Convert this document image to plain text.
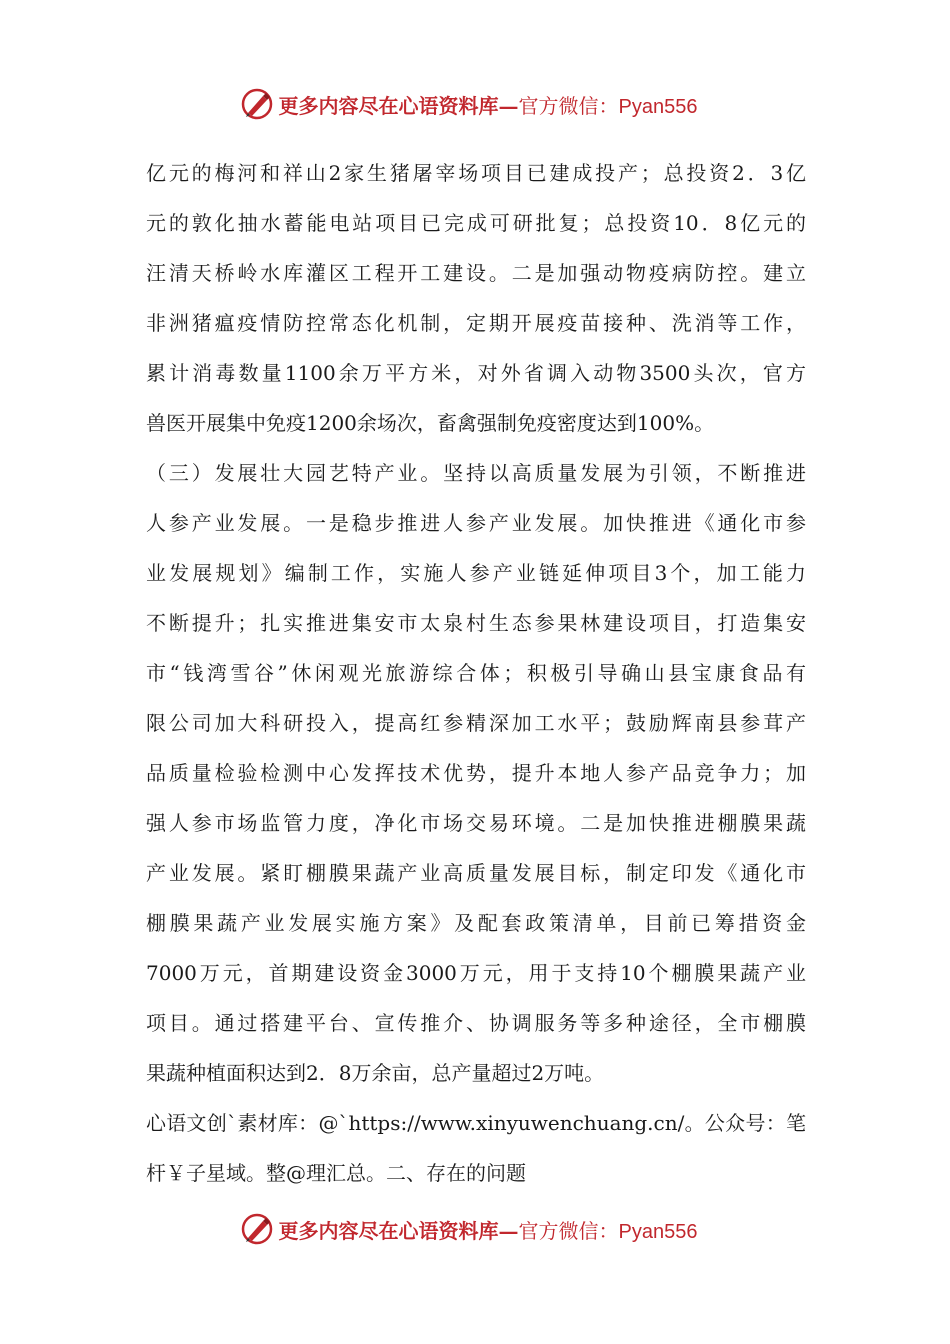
更多内容尽在心语资料库—官方微信：Pyan556
亿元的梅河和祥山2家生猪屠宰场项目已建成投产；总投资2．3亿
元的敦化抽水蓄能电站项目已完成可研批复；总投资10．8亿元的
汪清天桥岭水库灌区工程开工建设。二是加强动物疫病防控。建立
非洲猪瘟疫情防控常态化机制，定期开展疫苗接种、洗消等工作，
累计消毒数量1100余万平方米，对外省调入动物3500头次，官方
兽医开展集中免疫1200余场次，畜禽强制免疫密度达到100%。
（三）发展壮大园艺特产业。坚持以高质量发展为引领，不断推进
人参产业发展。一是稳步推进人参产业发展。加快推进《通化市参
业发展规划》编制工作，实施人参产业链延伸项目3个，加工能力
不断提升；扎实推进集安市太泉村生态参果林建设项目，打造集安
市“钱湾雪谷”休闲观光旅游综合体；积极引导确山县宝康食品有
限公司加大科研投入，提高红参精深加工水平；鼓励辉南县参茸产
品质量检验检测中心发挥技术优势，提升本地人参产品竞争力；加
强人参市场监管力度，净化市场交易环境。二是加快推进棚膜果蔬
产业发展。紧盯棚膜果蔬产业高质量发展目标，制定印发《通化市
棚膜果蔬产业发展实施方案》及配套政策清单，目前已筹措资金
7000万元，首期建设资金3000万元，用于支持10个棚膜果蔬产业
项目。通过搭建平台、宣传推介、协调服务等多种途径，全市棚膜
果蔬种植面积达到2．8万余亩，总产量超过2万吨。
心语文创`素材库：@`https://www.xinyuwenchuang.cn/。公众号：笔
杆￥子星域。整@理汇总。二、存在的问题
更多内容尽在心语资料库—官方微信：Pyan556
